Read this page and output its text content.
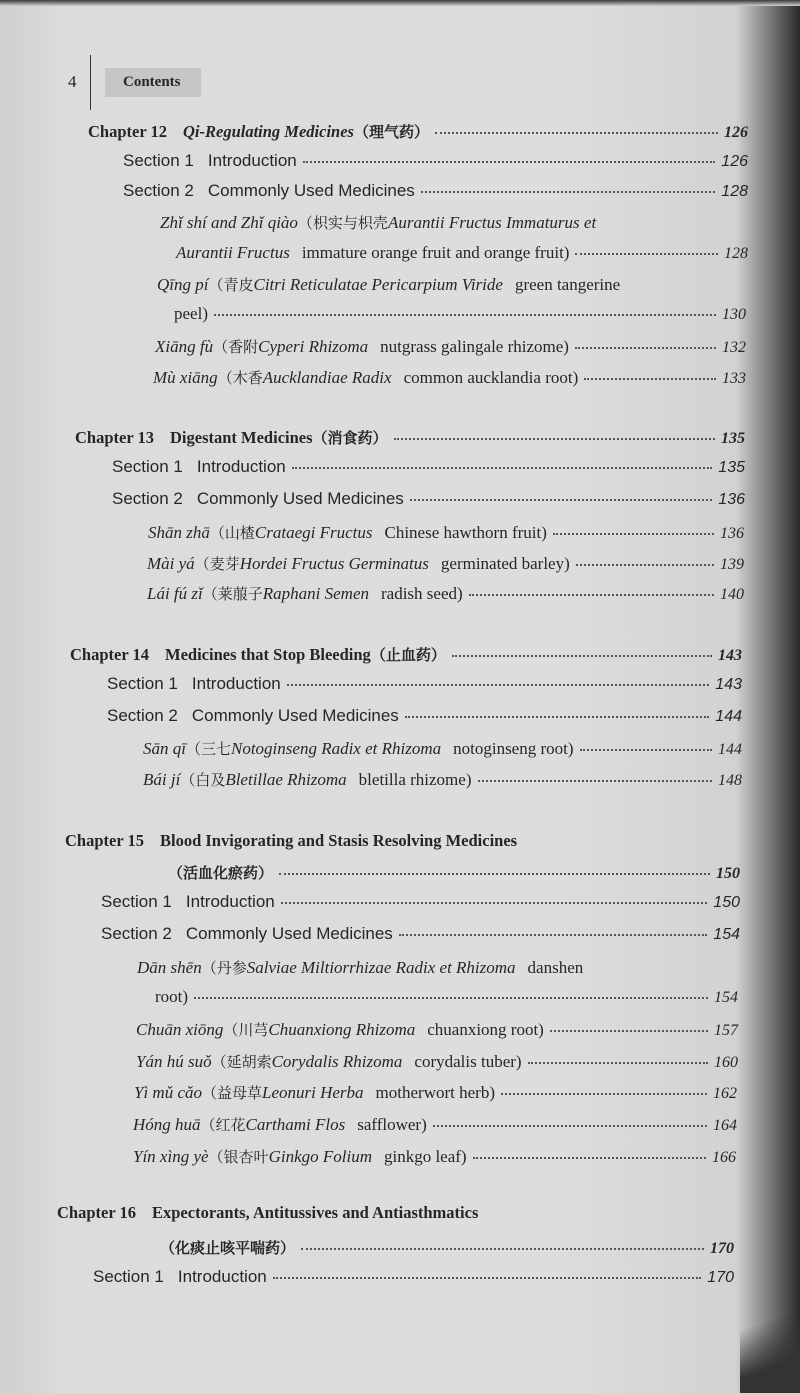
4	Contents
Chapter 12 Qi-Regulating Medicines （理气药）	126
Section 1 Introduction	126
Section 2 Commonly Used Medicines	128
Zhǐ shí and Zhǐ qiào （枳实与枳壳 Aurantii Fructus Immaturus et
Aurantii Fructus immature orange fruit and orange fruit)	128
Qīng pí （青皮 Citri Reticulatae Pericarpium Viride green tangerine
peel)	130
Xiāng fù （香附 Cyperi Rhizoma nutgrass galingale rhizome)	132
Mù xiāng （木香 Aucklandiae Radix common aucklandia root)	133
Chapter 13 Digestant Medicines （消食药）	135
Section 1 Introduction	135
Section 2 Commonly Used Medicines	136
Shān zhā （山楂 Crataegi Fructus Chinese hawthorn fruit)	136
Mài yá （麦芽 Hordei Fructus Germinatus germinated barley)	139
Lái fú zǐ （莱菔子 Raphani Semen radish seed)	140
Chapter 14 Medicines that Stop Bleeding （止血药）	143
Section 1 Introduction	143
Section 2 Commonly Used Medicines	144
Sān qī （三七 Notoginseng Radix et Rhizoma notoginseng root)	144
Bái jí （白及 Bletillae Rhizoma bletilla rhizome)	148
Chapter 15 Blood Invigorating and Stasis Resolving Medicines
（活血化瘀药）	150
Section 1 Introduction	150
Section 2 Commonly Used Medicines	154
Dān shēn （丹参 Salviae Miltiorrhizae Radix et Rhizoma danshen
root)	154
Chuān xiōng （川芎 Chuanxiong Rhizoma chuanxiong root)	157
Yán hú suǒ （延胡索 Corydalis Rhizoma corydalis tuber)	160
Yì mǔ cǎo （益母草 Leonuri Herba motherwort herb)	162
Hóng huā （红花 Carthami Flos safflower)	164
Yín xìng yè （银杏叶 Ginkgo Folium ginkgo leaf)	166
Chapter 16 Expectorants, Antitussives and Antiasthmatics
（化痰止咳平喘药）	170
Section 1 Introduction	170
